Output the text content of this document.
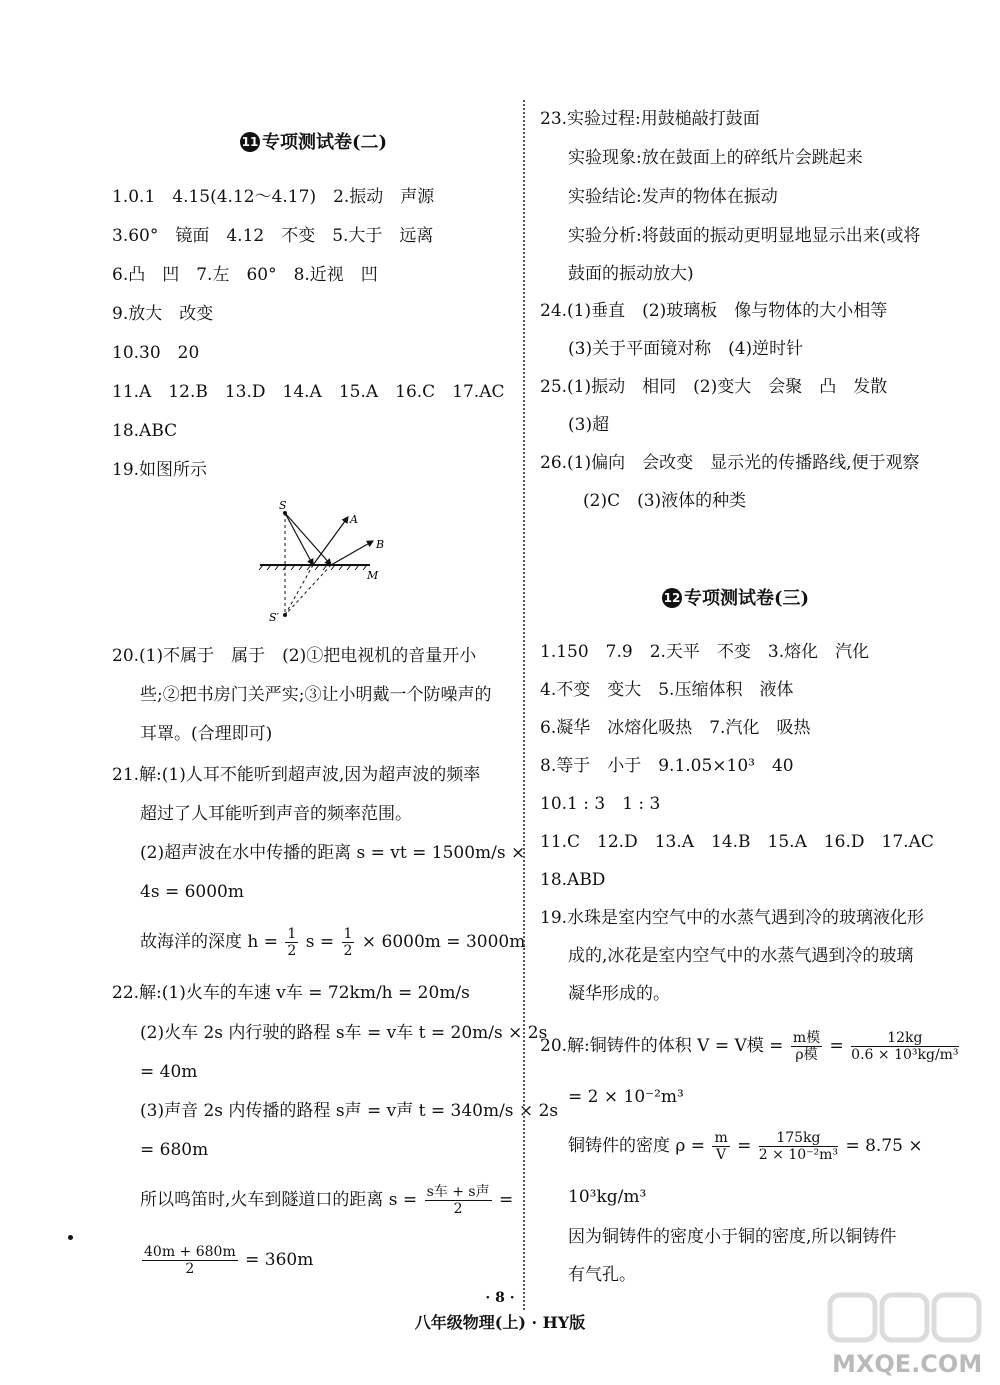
11 专项测试卷(二)
1.0.1　4.15(4.12～4.17)　2.振动　声源
3.60°　镜面　4.12　不变　5.大于　远离
6.凸　凹　7.左　60°　8.近视　凹
9.放大　改变
10.30　20
11.A　12.B　13.D　14.A　15.A　16.C　17.AC
18.ABC
19.如图所示
S
A
B
M
S′
20.(1)不属于　属于　(2)①把电视机的音量开小
些;②把书房门关严实;③让小明戴一个防噪声的
耳罩。(合理即可)
21.解:(1)人耳不能听到超声波,因为超声波的频率
超过了人耳能听到声音的频率范围。
(2)超声波在水中传播的距离 s = vt = 1500m/s ×
4s = 6000m
故海洋的深度 $h = \frac{1}{2}$ $s = \frac{1}{2} \times 6000m = 3000m$
22.解:(1)火车的车速 v车 = 72km/h = 20m/s
(2)火车 2s 内行驶的路程 s车 = v车 t = 20m/s × 2s
= 40m
(3)声音 2s 内传播的路程 s声 = v声 t = 340m/s × 2s
= 680m
所以鸣笛时,火车到隧道口的距离 $s = \frac{\text{s车 + s声}}{2}$ =
$\frac{40m + 680m}{2} = 360m$
23.实验过程:用鼓槌敲打鼓面
实验现象:放在鼓面上的碎纸片会跳起来
实验结论:发声的物体在振动
实验分析:将鼓面的振动更明显地显示出来(或将
鼓面的振动放大)
24.(1)垂直　(2)玻璃板　像与物体的大小相等
(3)关于平面镜对称　(4)逆时针
25.(1)振动　相同　(2)变大　会聚　凸　发散
(3)超
26.(1)偏向　会改变　显示光的传播路线,便于观察
(2)C　(3)液体的种类
12 专项测试卷(三)
1.150　7.9　2.天平　不变　3.熔化　汽化
4.不变　变大　5.压缩体积　液体
6.凝华　冰熔化吸热　7.汽化　吸热
8.等于　小于　9.1.05×10³　40
10.1 : 3　1 : 3
11.C　12.D　13.A　14.B　15.A　16.D　17.AC
18.ABD
19.水珠是室内空气中的水蒸气遇到冷的玻璃液化形
成的,冰花是室内空气中的水蒸气遇到冷的玻璃
凝华形成的。
20.解:铜铸件的体积 V = V模 = $\frac{\text{m模}}{\text{ρ模}} = \frac{12kg}{\text{0.6 × 10³kg/m³}}$
= 2 × 10⁻²m³
铜铸件的密度 $\rho = \frac{m}{V} = \frac{175kg}{\text{2 × 10⁻²m³}} = 8.75$ ×
10³kg/m³
因为铜铸件的密度小于铜的密度,所以铜铸件
有气孔。
· 8 ·
八年级物理(上) · HY版
MXQE.COM
